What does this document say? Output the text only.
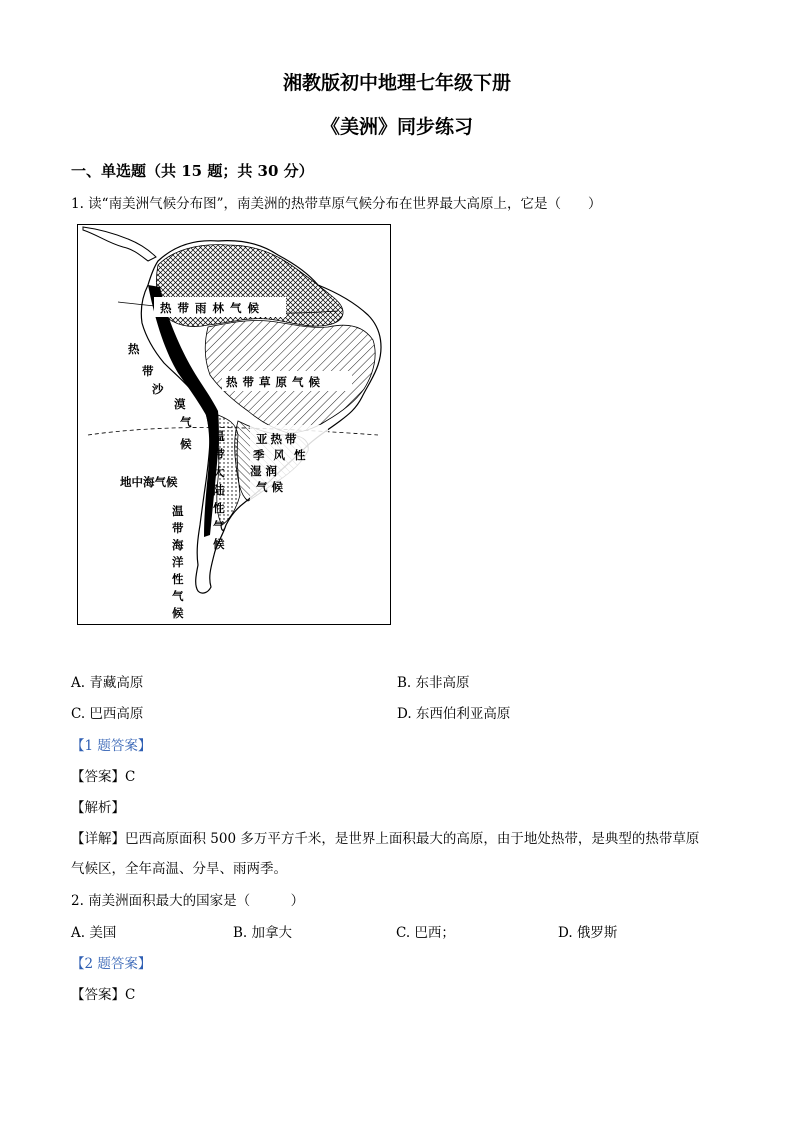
湘教版初中地理七年级下册
《美洲》同步练习
一、单选题（共 15 题；共 30 分）
1. 读“南美洲气候分布图”，南美洲的热带草原气候分布在世界最大高原上，它是（　　）
热带雨林气候
热带草原气候
热
带
沙
漠
气
候	亚热带
季风性
湿润
气候
温
带
大
陆
性
气
候
地中海气候
温
带
海
洋
性
气
候
A. 青藏高原	B. 东非高原
C. 巴西高原	D. 东西伯利亚高原
【1 题答案】
【答案】C
【解析】
【详解】巴西高原面积 500 多万平方千米，是世界上面积最大的高原，由于地处热带，是典型的热带草原
气候区，全年高温、分旱、雨两季。
2. 南美洲面积最大的国家是（　　　）
A. 美国	B. 加拿大	C. 巴西；	D. 俄罗斯
【2 题答案】
【答案】C
